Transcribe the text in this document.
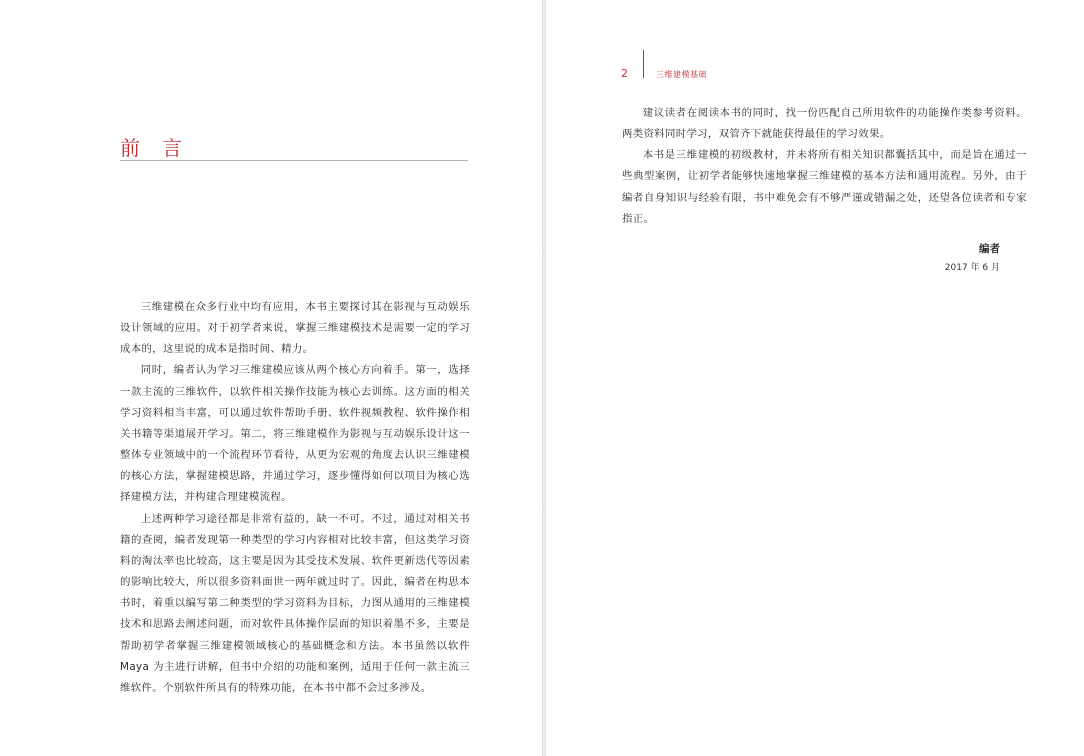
前言

三维建模在众多行业中均有应用，本书主要探讨其在影视与互动娱乐设计领域的应用。对于初学者来说，掌握三维建模技术是需要一定的学习成本的，这里说的成本是指时间、精力。

同时，编者认为学习三维建模应该从两个核心方向着手。第一，选择一款主流的三维软件，以软件相关操作技能为核心去训练。这方面的相关学习资料相当丰富，可以通过软件帮助手册、软件视频教程、软件操作相关书籍等渠道展开学习。第二，将三维建模作为影视与互动娱乐设计这一整体专业领域中的一个流程环节看待，从更为宏观的角度去认识三维建模的核心方法，掌握建模思路，并通过学习，逐步懂得如何以项目为核心选择建模方法，并构建合理建模流程。

上述两种学习途径都是非常有益的，缺一不可。不过，通过对相关书籍的查阅，编者发现第一种类型的学习内容相对比较丰富，但这类学习资料的淘汰率也比较高，这主要是因为其受技术发展、软件更新迭代等因素的影响比较大，所以很多资料面世一两年就过时了。因此，编者在构思本书时，着重以编写第二种类型的学习资料为目标，力图从通用的三维建模技术和思路去阐述问题，而对软件具体操作层面的知识着墨不多，主要是帮助初学者掌握三维建模领域核心的基础概念和方法。本书虽然以软件 Maya 为主进行讲解，但书中介绍的功能和案例，适用于任何一款主流三维软件。个别软件所具有的特殊功能，在本书中都不会过多涉及。

2	三维建模基础

建议读者在阅读本书的同时，找一份匹配自己所用软件的功能操作类参考资料。两类资料同时学习，双管齐下就能获得最佳的学习效果。

本书是三维建模的初级教材，并未将所有相关知识都囊括其中，而是旨在通过一些典型案例，让初学者能够快速地掌握三维建模的基本方法和通用流程。另外，由于编者自身知识与经验有限，书中难免会有不够严谨或错漏之处，还望各位读者和专家指正。

编者
2017 年 6 月
